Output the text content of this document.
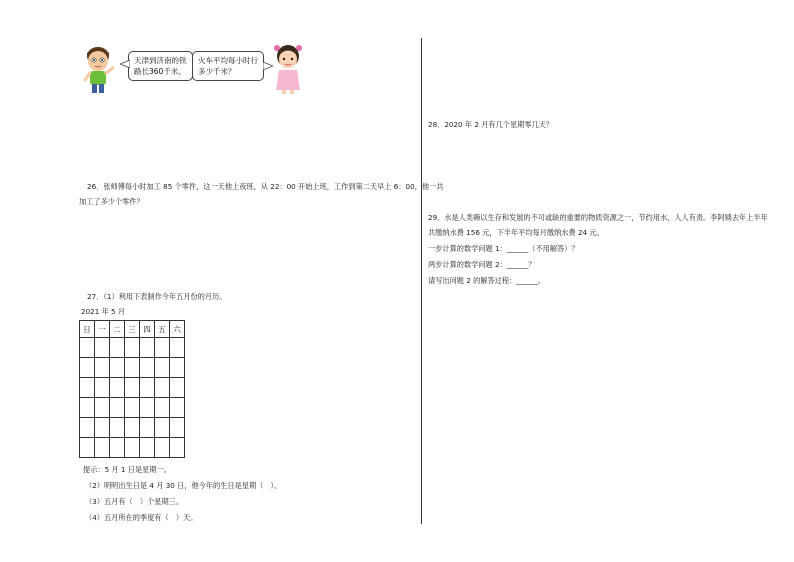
天津到济南的铁
路长360千米。
火车平均每小时行
多少千米？
26．张师傅每小时加工 85 个零件，这一天他上夜班，从 22：00 开始上班，工作到第二天早上 6：00，他一共
加工了多少个零件？
27．（1）利用下表制作今年五月份的月历。
2021 年 5 月
日	一	二	三	四	五	六

提示：5 月 1 日是星期一。
（2）明明出生日是 4 月 30 日，他今年的生日是星期（　）。
（3）五月有（　）个星期三。
（4）五月所在的季度有（　）天。
28．2020 年 2 月有几个星期零几天？
29．水是人类赖以生存和发展的不可或缺的重要的物质资源之一，节约用水，人人有责。李阿姨去年上半年
共缴纳水费 156 元，下半年平均每月缴纳水费 24 元。
一步计算的数学问题 1：______（不用解答）？
两步计算的数学问题 2：______？
请写出问题 2 的解答过程：______。
